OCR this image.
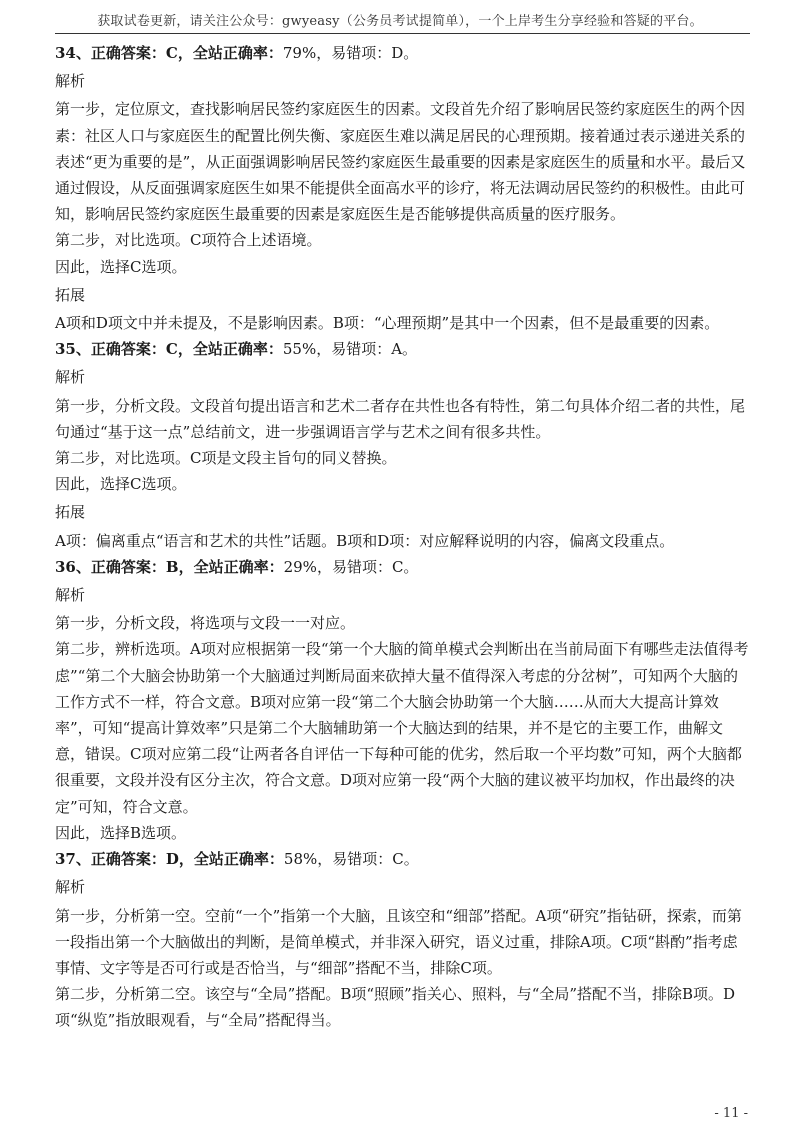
获取试卷更新，请关注公众号：gwyeasy（公务员考试提简单），一个上岸考生分享经验和答疑的平台。

34、正确答案：C，全站正确率：79%，易错项：D。

解析

第一步，定位原文，查找影响居民签约家庭医生的因素。文段首先介绍了影响居民签约家庭医生的两个因素：社区人口与家庭医生的配置比例失衡、家庭医生难以满足居民的心理预期。接着通过表示递进关系的表述“更为重要的是”，从正面强调影响居民签约家庭医生最重要的因素是家庭医生的质量和水平。最后又通过假设，从反面强调家庭医生如果不能提供全面高水平的诊疗，将无法调动居民签约的积极性。由此可知，影响居民签约家庭医生最重要的因素是家庭医生是否能够提供高质量的医疗服务。

第二步，对比选项。C项符合上述语境。

因此，选择C选项。

拓展

A项和D项文中并未提及，不是影响因素。B项：“心理预期”是其中一个因素，但不是最重要的因素。

35、正确答案：C，全站正确率：55%，易错项：A。

解析

第一步，分析文段。文段首句提出语言和艺术二者存在共性也各有特性，第二句具体介绍二者的共性，尾句通过“基于这一点”总结前文，进一步强调语言学与艺术之间有很多共性。

第二步，对比选项。C项是文段主旨句的同义替换。

因此，选择C选项。

拓展

A项：偏离重点“语言和艺术的共性”话题。B项和D项：对应解释说明的内容，偏离文段重点。

36、正确答案：B，全站正确率：29%，易错项：C。

解析

第一步，分析文段，将选项与文段一一对应。

第二步，辨析选项。A项对应根据第一段“第一个大脑的简单模式会判断出在当前局面下有哪些走法值得考虑”“第二个大脑会协助第一个大脑通过判断局面来砍掉大量不值得深入考虑的分岔树”，可知两个大脑的工作方式不一样，符合文意。B项对应第一段“第二个大脑会协助第一个大脑……从而大大提高计算效率”，可知“提高计算效率”只是第二个大脑辅助第一个大脑达到的结果，并不是它的主要工作，曲解文意，错误。C项对应第二段“让两者各自评估一下每种可能的优劣，然后取一个平均数”可知，两个大脑都很重要，文段并没有区分主次，符合文意。D项对应第一段“两个大脑的建议被平均加权，作出最终的决定”可知，符合文意。

因此，选择B选项。

37、正确答案：D，全站正确率：58%，易错项：C。

解析

第一步，分析第一空。空前“一个”指第一个大脑，且该空和“细部”搭配。A项“研究”指钻研，探索，而第一段指出第一个大脑做出的判断，是简单模式，并非深入研究，语义过重，排除A项。C项“斟酌”指考虑事情、文字等是否可行或是否恰当，与“细部”搭配不当，排除C项。

第二步，分析第二空。该空与“全局”搭配。B项“照顾”指关心、照料，与“全局”搭配不当，排除B项。D项“纵览”指放眼观看，与“全局”搭配得当。

- 11 -
